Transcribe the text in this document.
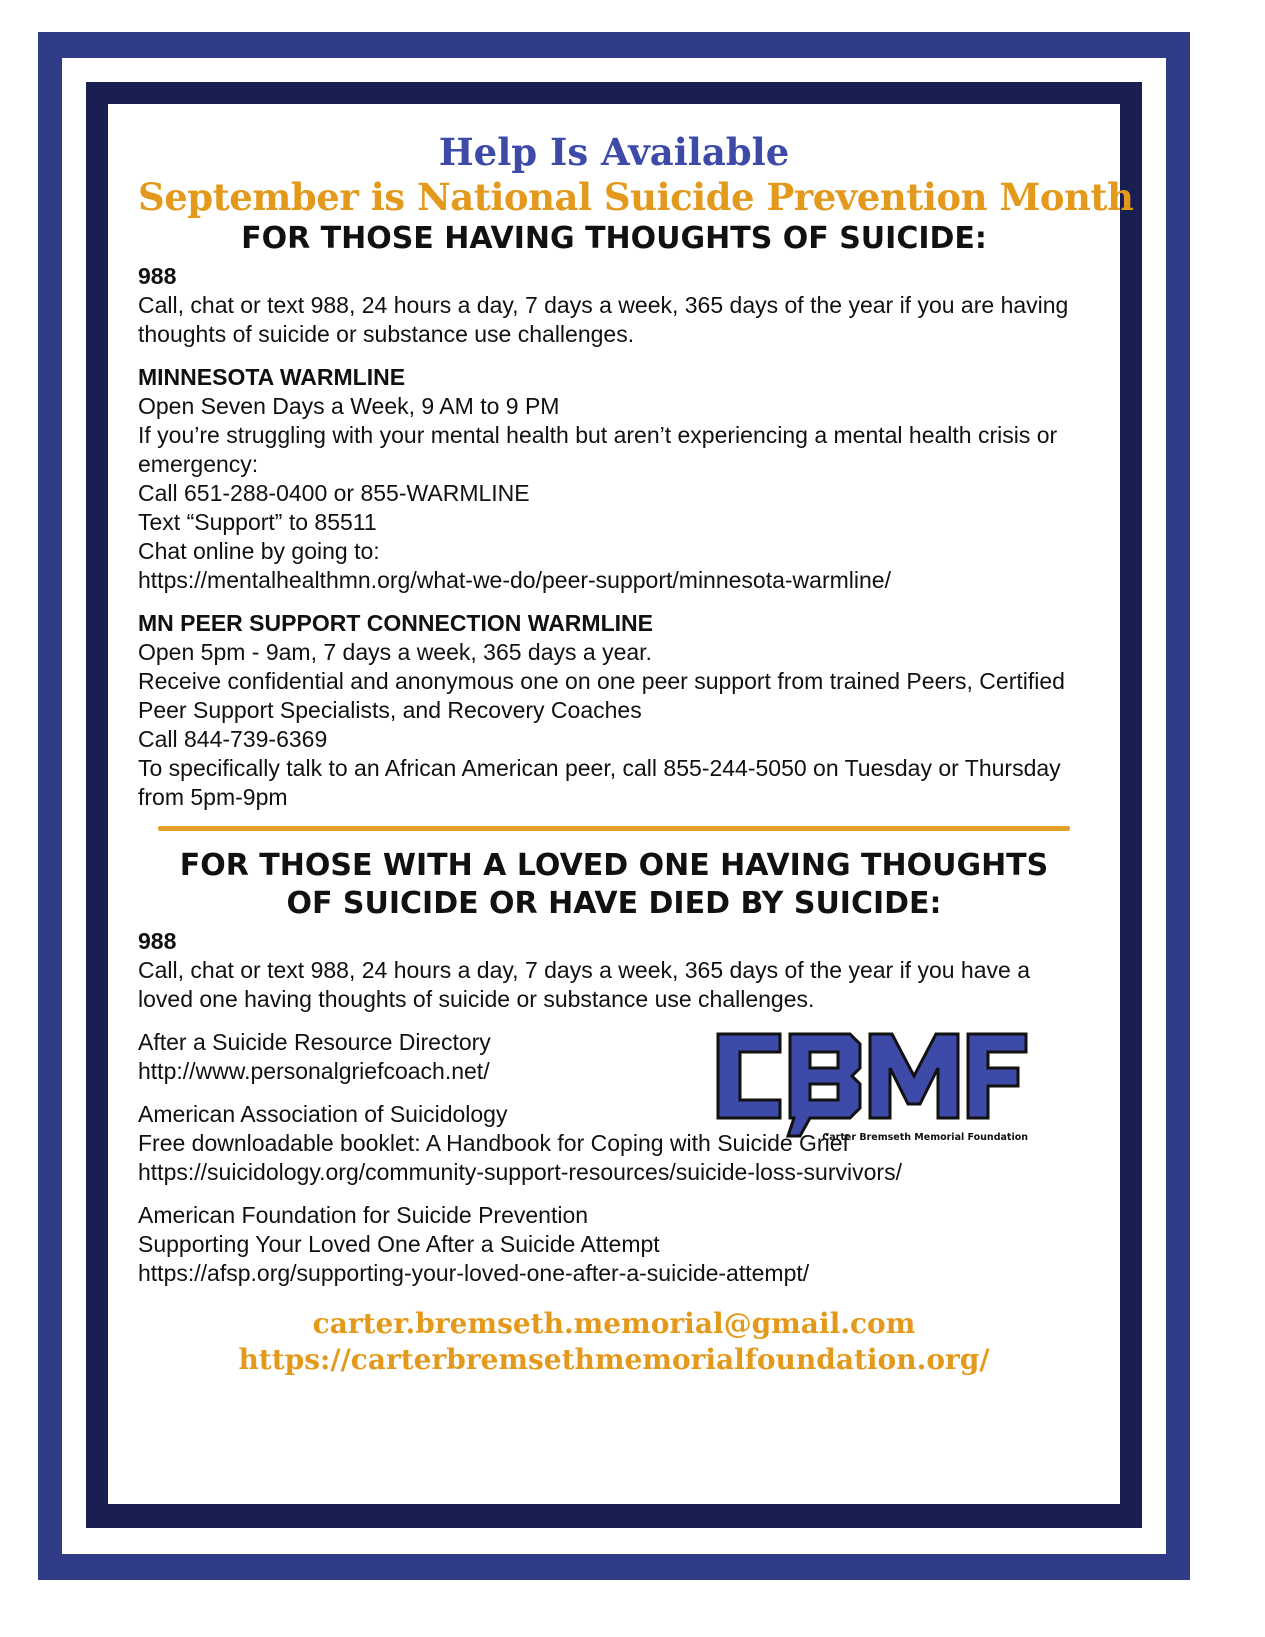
Help Is Available
September is National Suicide Prevention Month
FOR THOSE HAVING THOUGHTS OF SUICIDE:

988

Call, chat or text 988, 24 hours a day, 7 days a week, 365 days of the year if you are having thoughts of suicide or substance use challenges.

MINNESOTA WARMLINE

Open Seven Days a Week, 9 AM to 9 PM

If you’re struggling with your mental health but aren’t experiencing a mental health crisis or emergency:

Call 651-288-0400 or 855-WARMLINE

Text “Support” to 85511

Chat online by going to:

https://mentalhealthmn.org/what-we-do/peer-support/minnesota-warmline/

MN PEER SUPPORT CONNECTION WARMLINE

Open 5pm - 9am, 7 days a week, 365 days a year.

Receive confidential and anonymous one on one peer support from trained Peers, Certified Peer Support Specialists, and Recovery Coaches

Call 844-739-6369

To specifically talk to an African American peer, call 855-244-5050 on Tuesday or Thursday from 5pm-9pm

FOR THOSE WITH A LOVED ONE HAVING THOUGHTS
OF SUICIDE OR HAVE DIED BY SUICIDE:

988

Call, chat or text 988, 24 hours a day, 7 days a week, 365 days of the year if you have a loved one having thoughts of suicide or substance use challenges.

Carter Bremseth Memorial Foundation

After a Suicide Resource Directory

http://www.personalgriefcoach.net/

American Association of Suicidology

Free downloadable booklet: A Handbook for Coping with Suicide Grief

https://suicidology.org/community-support-resources/suicide-loss-survivors/

American Foundation for Suicide Prevention

Supporting Your Loved One After a Suicide Attempt

https://afsp.org/supporting-your-loved-one-after-a-suicide-attempt/

carter.bremseth.memorial@gmail.com
https://carterbremsethmemorialfoundation.org/
